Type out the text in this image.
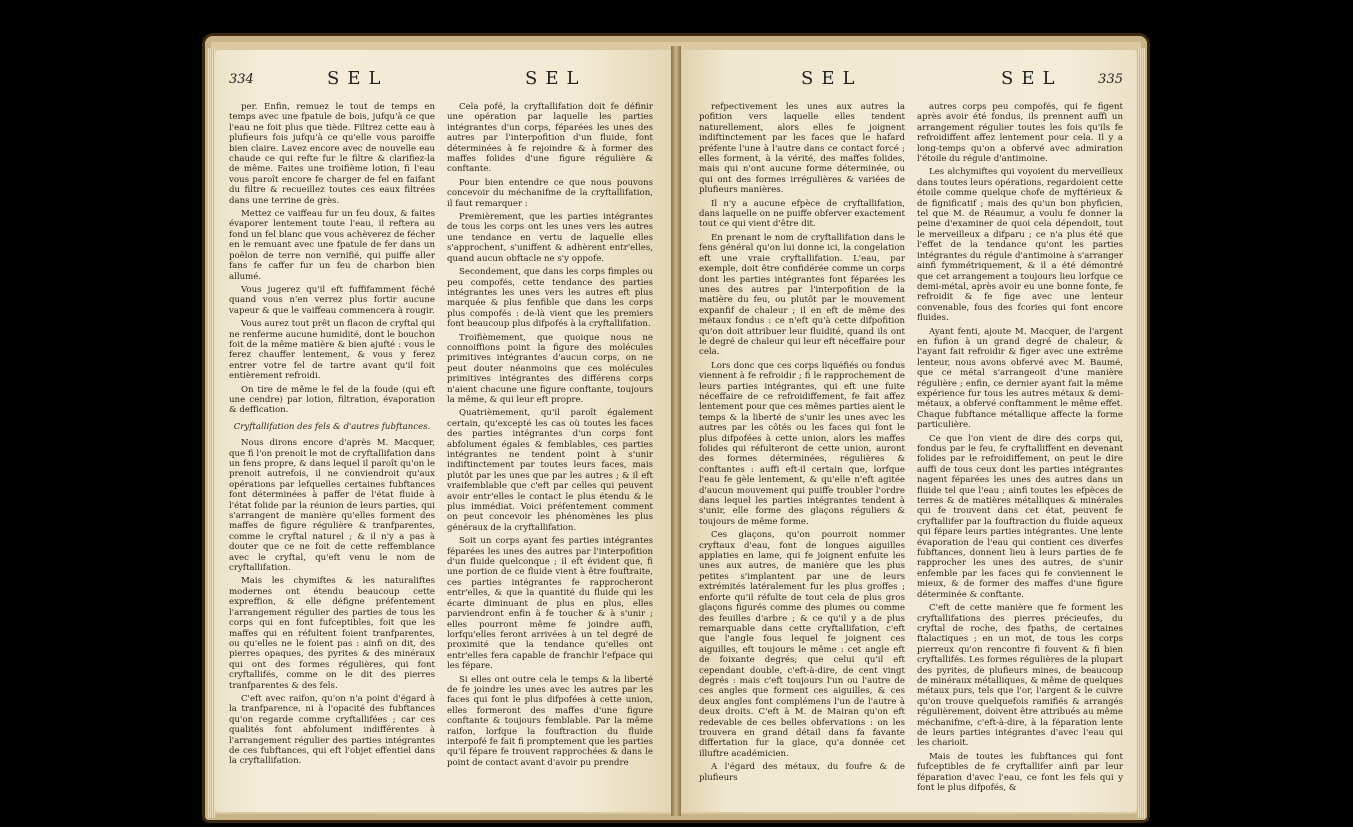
334	SEL	SEL

per. Enfin, remuez le tout de temps en temps avec une fpatule de bois, jufqu'à ce que l'eau ne foit plus que tiède. Filtrez cette eau à plufieurs fois jufqu'à ce qu'elle vous paroiffe bien claire. Lavez encore avec de nouvelle eau chaude ce qui refte fur le filtre & clarifiez-la de même. Faites une troifième lotion, fi l'eau vous paroît encore fe charger de fel en faifant du filtre & recueillez toutes ces eaux filtrées dans une terrine de grès.

Mettez ce vaiffeau fur un feu doux, & faites évaporer lentement toute l'eau, il reftera au fond un fel blanc que vous achèverez de fécher en le remuant avec une fpatule de fer dans un poëlon de terre non vernifié, qui puiffe aller fans fe caffer fur un feu de charbon bien allumé.

Vous jugerez qu'il eft fuffifamment féché quand vous n'en verrez plus fortir aucune vapeur & que le vaiffeau commencera à rougir.

Vous aurez tout prêt un flacon de cryftal qui ne renferme aucune humidité, dont le bouchon foit de la même matière & bien ajufté : vous le ferez chauffer lentement, & vous y ferez entrer votre fel de tartre avant qu'il foit entièrement refroidi.

On tire de même le fel de la foude (qui eft une cendre) par lotion, filtration, évaporation & deffication.

Cryftallifation des fels & d'autres fubftances.

Nous dirons encore d'après M. Macquer, que fi l'on prenoit le mot de cryftallifation dans un fens propre, & dans lequel il paroît qu'on le prenoit autrefois, il ne conviendroit qu'aux opérations par lefquelles certaines fubftances font déterminées à paffer de l'état fluide à l'état folide par la réunion de leurs parties, qui s'arrangent de manière qu'elles forment des maffes de figure régulière & tranfparentes, comme le cryftal naturel ; & il n'y a pas à douter que ce ne foit de cette reffemblance avec le cryftal, qu'eft venu le nom de cryftallifation.

Mais les chymiftes & les naturaliftes modernes ont étendu beaucoup cette expreffion, & elle défigne préfentement l'arrangement régulier des parties de tous les corps qui en font fufceptibles, foit que les maffes qui en réfultent foient tranfparentes, ou qu'elles ne le foient pas : ainfi on dit, des pierres opaques, des pyrites & des minéraux qui ont des formes régulières, qui font cryftallifés, comme on le dit des pierres tranfparentes & des fels.

C'eft avec raifon, qu'on n'a point d'égard à la tranfparence, ni à l'opacité des fubftances qu'on regarde comme cryftallifées ; car ces qualités font abfolument indifférentes à l'arrangement régulier des parties intégrantes de ces fubftances, qui eft l'objet effentiel dans la cryftallifation.

Cela pofé, la cryftallifation doit fe définir une opération par laquelle les parties intégrantes d'un corps, féparées les unes des autres par l'interpofition d'un fluide, font déterminées à fe rejoindre & à former des maffes folides d'une figure régulière & conftante.

Pour bien entendre ce que nous pouvons concevoir du méchanifme de la cryftallifation, il faut remarquer :

Premièrement, que les parties intégrantes de tous les corps ont les unes vers les autres une tendance en vertu de laquelle elles s'approchent, s'uniffent & adhèrent entr'elles, quand aucun obftacle ne s'y oppofe.

Secondement, que dans les corps fimples ou peu compofés, cette tendance des parties intégrantes les unes vers les autres eft plus marquée & plus fenfible que dans les corps plus compofés : de-là vient que les premiers font beaucoup plus difpofés à la cryftallifation.

Troifièmement, que quoique nous ne connoiffions point la figure des molécules primitives intégrantes d'aucun corps, on ne peut douter néanmoins que ces molécules primitives intégrantes des différens corps n'aient chacune une figure conftante, toujours la même, & qui leur eft propre.

Quatrièmement, qu'il paroît également certain, qu'excepté les cas où toutes les faces des parties intégrantes d'un corps font abfolument égales & femblables, ces parties intégrantes ne tendent point à s'unir indiftinctement par toutes leurs faces, mais plutôt par les unes que par les autres ; & il eft vraifemblable que c'eft par celles qui peuvent avoir entr'elles le contact le plus étendu & le plus immédiat. Voici préfentement comment on peut concevoir les phénomènes les plus généraux de la cryftallifation.

Soit un corps ayant fes parties intégrantes féparées les unes des autres par l'interpofition d'un fluide quelconque ; il eft évident que, fi une portion de ce fluide vient à être fouftraite, ces parties intégrantes fe rapprocheront entr'elles, & que la quantité du fluide qui les écarte diminuant de plus en plus, elles parviendront enfin à fe toucher & à s'unir ; elles pourront même fe joindre auffi, lorfqu'elles feront arrivées à un tel degré de proximité que la tendance qu'elles ont entr'elles fera capable de franchir l'efpace qui les fépare.

Si elles ont outre cela le temps & la liberté de fe joindre les unes avec les autres par les faces qui font le plus difpofées à cette union, elles formeront des maffes d'une figure conftante & toujours femblable. Par la même raifon, lorfque la fouftraction du fluide interpofé fe fait fi promptement que les parties qu'il fépare fe trouvent rapprochées & dans le point de contact avant d'avoir pu prendre

SEL	SEL	335

refpectivement les unes aux autres la pofition vers laquelle elles tendent naturellement, alors elles fe joignent indiftinctement par les faces que le hafard préfente l'une à l'autre dans ce contact forcé ; elles forment, à la vérité, des maffes folides, mais qui n'ont aucune forme déterminée, ou qui ont des formes irrégulières & variées de plufieurs manières.

Il n'y a aucune efpèce de cryftallifation, dans laquelle on ne puiffe obferver exactement tout ce qui vient d'être dit.

En prenant le nom de cryftallifation dans le fens général qu'on lui donne ici, la congelation eft une vraie cryftallifation. L'eau, par exemple, doit être confidérée comme un corps dont les parties intégrantes font féparées les unes des autres par l'interpofition de la matière du feu, ou plutôt par le mouvement expanfif de chaleur ; il en eft de même des métaux fondus : ce n'eft qu'à cette difpofition qu'on doit attribuer leur fluidité, quand ils ont le degré de chaleur qui leur eft néceffaire pour cela.

Lors donc que ces corps liquéfiés ou fondus viennent à fe refroidir ; fi le rapprochement de leurs parties intégrantes, qui eft une fuite néceffaire de ce refroidiffement, fe fait affez lentement pour que ces mêmes parties aient le temps & la liberté de s'unir les unes avec les autres par les côtés ou les faces qui font le plus difpofées à cette union, alors les maffes folides qui réfulteront de cette union, auront des formes déterminées, régulières & conftantes : auffi eft-il certain que, lorfque l'eau fe gèle lentement, & qu'elle n'eft agitée d'aucun mouvement qui puiffe troubler l'ordre dans lequel les parties intégrantes tendent à s'unir, elle forme des glaçons réguliers & toujours de même forme.

Ces glaçons, qu'on pourroit nommer cryftaux d'eau, font de longues aiguilles applaties en lame, qui fe joignent enfuite les unes aux autres, de manière que les plus petites s'implantent par une de leurs extrémités latéralement fur les plus groffes ; enforte qu'il réfulte de tout cela de plus gros glaçons figurés comme des plumes ou comme des feuilles d'arbre ; & ce qu'il y a de plus remarquable dans cette cryftallifation, c'eft que l'angle fous lequel fe joignent ces aiguilles, eft toujours le même : cet angle eft de foixante degrés; que celui qu'il eft cependant double, c'eft-à-dire, de cent vingt degrés : mais c'eft toujours l'un ou l'autre de ces angles que forment ces aiguilles, & ces deux angles font complémens l'un de l'autre à deux droits. C'eft à M. de Mairan qu'on eft redevable de ces belles obfervations : on les trouvera en grand détail dans fa favante differtation fur la glace, qu'a donnée cet illuftre académicien.

A l'égard des métaux, du foufre & de plufieurs

autres corps peu compofés, qui fe figent après avoir été fondus, ils prennent auffi un arrangement régulier toutes les fois qu'ils fe refroidiffent affez lentement pour cela. Il y a long-temps qu'on a obfervé avec admiration l'étoile du régule d'antimoine.

Les alchymiftes qui voyoient du merveilleux dans toutes leurs opérations, regardoient cette étoile comme quelque chofe de myftérieux & de fignificatif ; mais des qu'un bon phyficien, tel que M. de Réaumur, a voulu fe donner la peine d'examiner de quoi cela dépendoit, tout le merveilleux a difparu ; ce n'a plus été que l'effet de la tendance qu'ont les parties intégrantes du régule d'antimoine à s'arranger ainfi fymmétriquement, & il a été démontré que cet arrangement a toujours lieu lorfque ce demi-métal, après avoir eu une bonne fonte, fe refroidit & fe fige avec une lenteur convenable, fous des fcories qui font encore fluides.

Ayant fenti, ajoute M. Macquer, de l'argent en fufion à un grand degré de chaleur, & l'ayant fait refroidir & figer avec une extrême lenteur, nous avons obfervé avec M. Baumé, que ce métal s'arrangeoit d'une manière régulière ; enfin, ce dernier ayant fait la même expérience fur tous les autres métaux & demi-métaux, a obfervé conftamment le même effet. Chaque fubftance métallique affecte la forme particulière.

Ce que l'on vient de dire des corps qui, fondus par le feu, fe cryftalliffent en devenant folides par le refroidiffement, on peut le dire auffi de tous ceux dont les parties intégrantes nagent féparées les unes des autres dans un fluide tel que l'eau ; ainfi toutes les efpèces de terres & de matières métalliques & minérales qui fe trouvent dans cet état, peuvent fe cryftallifer par la fouftraction du fluide aqueux qui fépare leurs parties intégrantes. Une lente évaporation de l'eau qui contient ces diverfes fubftances, donnent lieu à leurs parties de fe rapprocher les unes des autres, de s'unir enfemble par les faces qui fe conviennent le mieux, & de former des maffes d'une figure déterminée & conftante.

C'eft de cette manière que fe forment les cryftallifations des pierres précieufes, du cryftal de roche, des fpaths, de certaines ftalactiques ; en un mot, de tous les corps pierreux qu'on rencontre fi fouvent & fi bien cryftallifés. Les formes régulières de la plupart des pyrites, de plufieurs mines, de beaucoup de minéraux métalliques, & même de quelques métaux purs, tels que l'or, l'argent & le cuivre qu'on trouve quelquefois ramifiés & arrangés régulièrement, doivent être attribués au même méchanifme, c'eft-à-dire, à la féparation lente de leurs parties intégrantes d'avec l'eau qui les charioit.

Mais de toutes les fubftances qui font fufceptibles de fe cryftallifer ainfi par leur féparation d'avec l'eau, ce font les fels qui y font le plus difpofés, &
